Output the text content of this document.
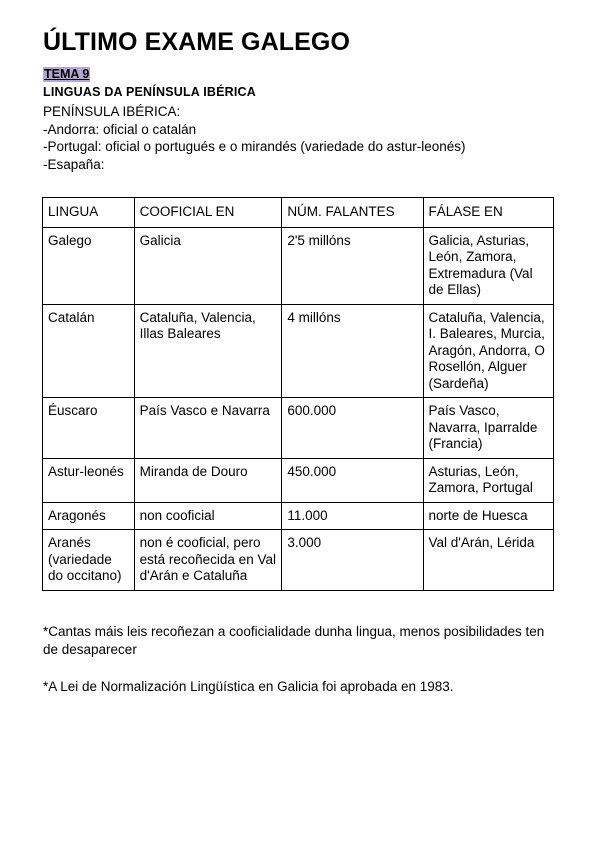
ÚLTIMO EXAME GALEGO
TEMA 9
LINGUAS DA PENÍNSULA IBÉRICA
PENÍNSULA IBÉRICA:
-Andorra: oficial o catalán
-Portugal: oficial o portugués e o mirandés (variedade do astur-leonés)
-Esapaña:
LINGUA	COOFICIAL EN	NÚM. FALANTES	FÁLASE EN
Galego	Galicia	2'5 millóns	Galicia, Asturias, León, Zamora, Extremadura (Val de Ellas)
Catalán	Cataluña, Valencia, Illas Baleares	4 millóns	Cataluña, Valencia, I. Baleares, Murcia, Aragón, Andorra, O Rosellón, Alguer (Sardeña)
Éuscaro	País Vasco e Navarra	600.000	País Vasco, Navarra, Iparralde (Francia)
Astur-leonés	Miranda de Douro	450.000	Asturias, León, Zamora, Portugal
Aragonés	non cooficial	11.000	norte de Huesca
Aranés (variedade do occitano)	non é cooficial, pero está recoñecida en Val d'Arán e Cataluña	3.000	Val d'Arán, Lérida
*Cantas máis leis recoñezan a cooficialidade dunha lingua, menos posibilidades ten de desaparecer
*A Lei de Normalización Lingüística en Galicia foi aprobada en 1983.
